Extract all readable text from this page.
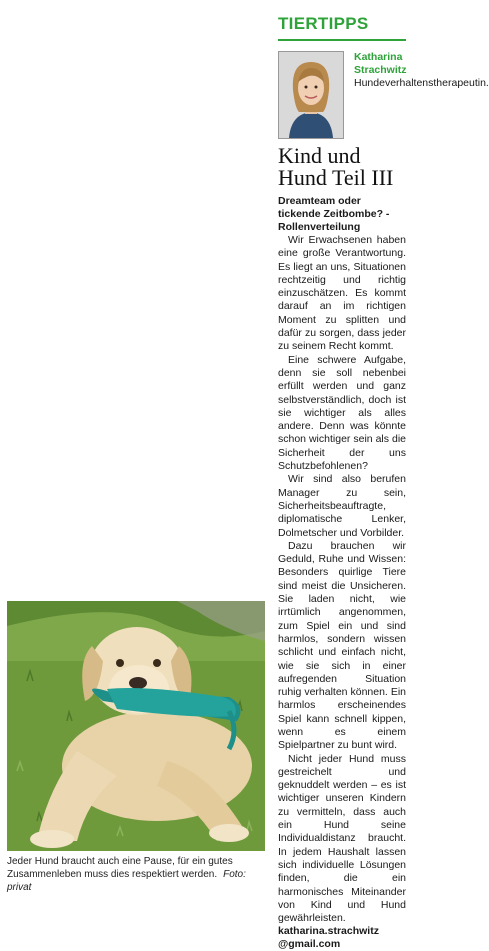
Jeder Hund braucht auch eine Pause, für ein gutes Zusammenleben muss dies respektiert werden. Foto: privat
TIERTIPPS
Katharina Strachwitz
Hundeverhaltenstherapeutin.
Kind und
Hund Teil III
Dreamteam oder tickende Zeitbombe? - Rollenverteilung

Wir Erwachsenen haben eine große Verantwortung. Es liegt an uns, Situationen rechtzeitig und richtig einzuschätzen. Es kommt darauf an im richtigen Moment zu splitten und dafür zu sorgen, dass jeder zu seinem Recht kommt.

Eine schwere Aufgabe, denn sie soll nebenbei erfüllt werden und ganz selbstverständlich, doch ist sie wichtiger als alles andere. Denn was könnte schon wichtiger sein als die Sicherheit der uns Schutzbefohlenen?

Wir sind also berufen Manager zu sein, Sicherheitsbeauftragte, diplomatische Lenker, Dolmetscher und Vorbilder.

Dazu brauchen wir Geduld, Ruhe und Wissen: Besonders quirlige Tiere sind meist die Unsicheren. Sie laden nicht, wie irrtümlich angenommen, zum Spiel ein und sind harmlos, sondern wissen schlicht und einfach nicht, wie sie sich in einer aufregenden Situation ruhig verhalten können. Ein harmlos erscheinendes Spiel kann schnell kippen, wenn es einem Spielpartner zu bunt wird.

Nicht jeder Hund muss gestreichelt und geknuddelt werden – es ist wichtiger unseren Kindern zu vermitteln, dass auch ein Hund seine Individualdistanz braucht. In jedem Haushalt lassen sich individuelle Lösungen finden, die ein harmonisches Miteinander von Kind und Hund gewährleisten.

katharina.strachwitz
@gmail.com
